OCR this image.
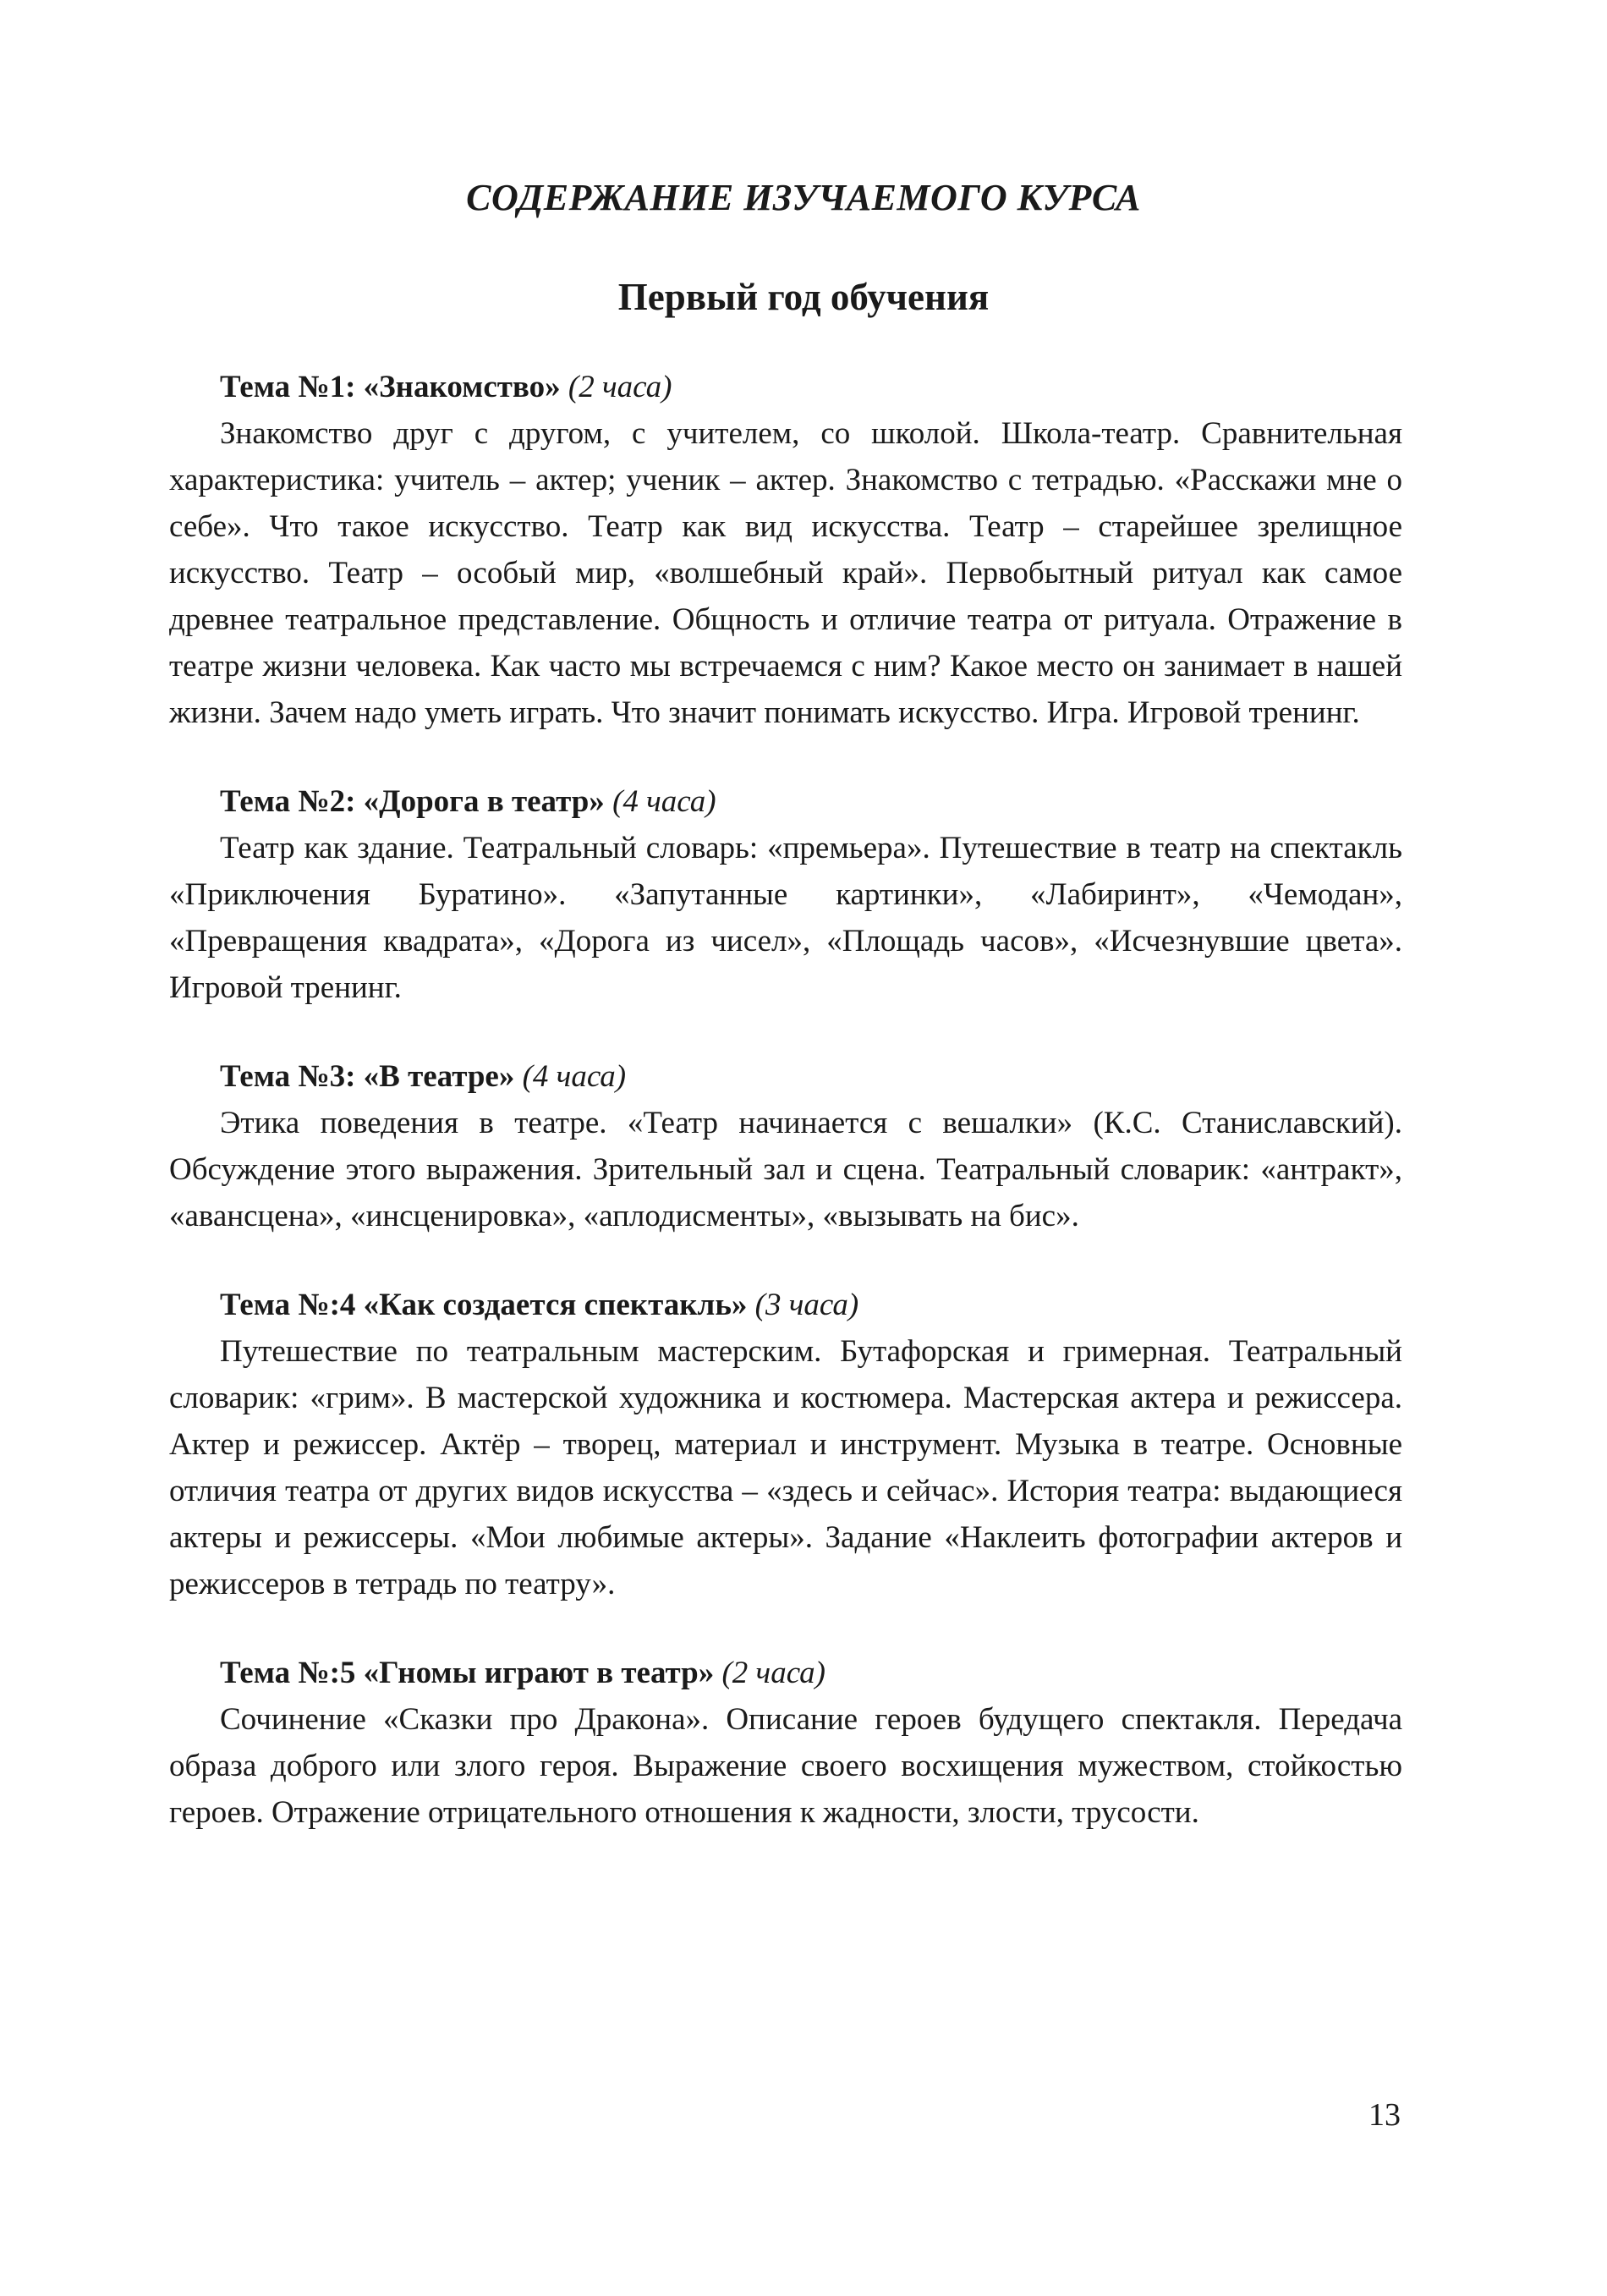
СОДЕРЖАНИЕ ИЗУЧАЕМОГО КУРСА
Первый год обучения

Тема №1: «Знакомство» (2 часа)

Знакомство друг с другом, с учителем, со школой. Школа-театр. Сравнительная характеристика: учитель – актер; ученик – актер. Знакомство с тетрадью. «Расскажи мне о себе». Что такое искусство. Театр как вид искусства. Театр – старейшее зрелищное искусство. Театр – особый мир, «волшебный край». Первобытный ритуал как самое древнее театральное представление. Общность и отличие театра от ритуала. Отражение в театре жизни человека. Как часто мы встречаемся с ним? Какое место он занимает в нашей жизни. Зачем надо уметь играть. Что значит понимать искусство. Игра. Игровой тренинг.

Тема №2: «Дорога в театр» (4 часа)

Театр как здание. Театральный словарь: «премьера». Путешествие в театр на спектакль «Приключения Буратино». «Запутанные картинки», «Лабиринт», «Чемодан», «Превращения квадрата», «Дорога из чисел», «Площадь часов», «Исчезнувшие цвета». Игровой тренинг.

Тема №3: «В театре» (4 часа)

Этика поведения в театре. «Театр начинается с вешалки» (К.С. Станиславский). Обсуждение этого выражения. Зрительный зал и сцена. Театральный словарик: «антракт», «авансцена», «инсценировка», «аплодисменты», «вызывать на бис».

Тема №:4 «Как создается спектакль» (3 часа)

Путешествие по театральным мастерским. Бутафорская и гримерная. Театральный словарик: «грим». В мастерской художника и костюмера. Мастерская актера и режиссера. Актер и режиссер. Актёр – творец, материал и инструмент. Музыка в театре. Основные отличия театра от других видов искусства – «здесь и сейчас». История театра: выдающиеся актеры и режиссеры. «Мои любимые актеры». Задание «Наклеить фотографии актеров и режиссеров в тетрадь по театру».

Тема №:5 «Гномы играют в театр» (2 часа)

Сочинение «Сказки про Дракона». Описание героев будущего спектакля. Передача образа доброго или злого героя. Выражение своего восхищения мужеством, стойкостью героев. Отражение отрицательного отношения к жадности, злости, трусости.

13
